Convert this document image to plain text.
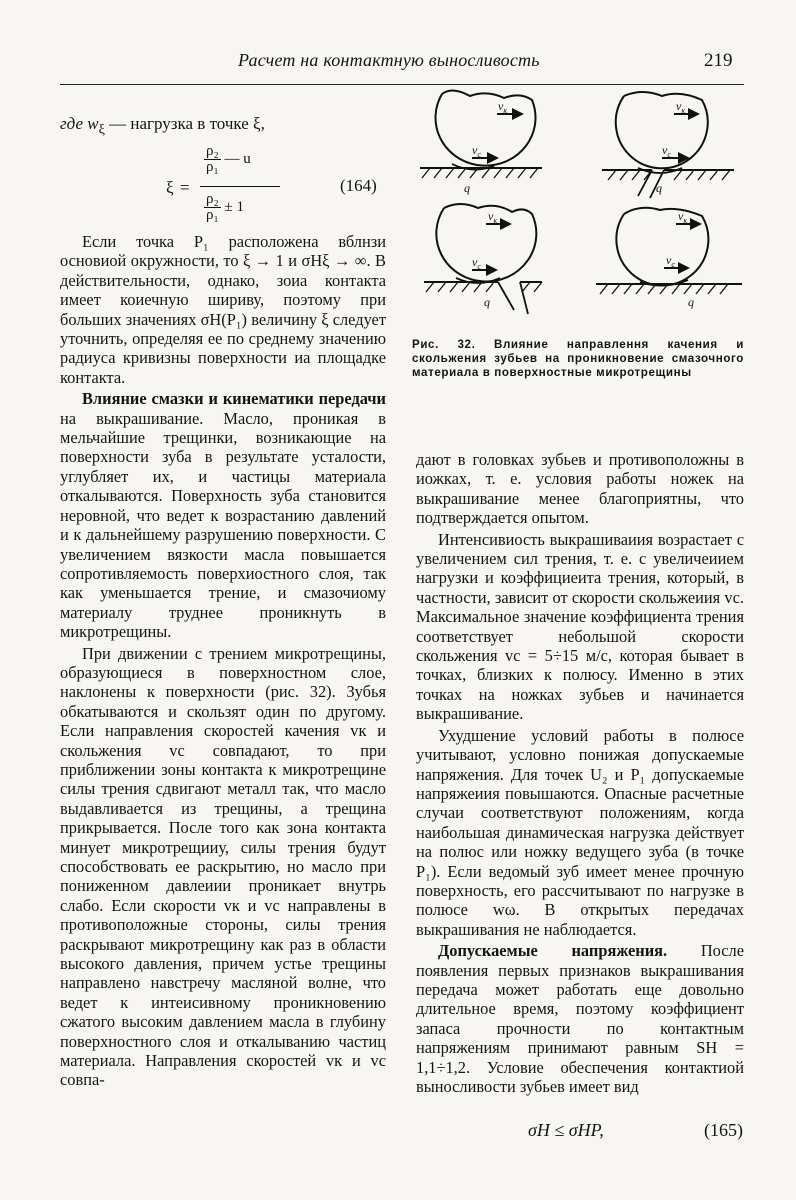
Расчет на контактную выносливость	219
где $w_\xi$ — нагрузка в точке ξ,
ξ =
$\frac{\text{ρ₂}}{\text{ρ₁}}$ — u
$\frac{\text{ρ₂}}{\text{ρ₁}} \pm 1$
(164)
$v_к$
$v_c$
q
$v_к$
$v_c$
q
$v_к$
$v_c$
q
$v_к$
$v_c$
q
Рис. 32. Влияние направлення качения и скольжения зубьев на проникновение смазочного материала в поверхностные микротрещины

Если точка P₁ расположена вблнзи основиой окружности, то ξ → 1 и σHξ → ∞. В действительности, однако, зоиа контакта имеет коиечную шириву, поэтому при больших значениях σH(P₁) величину ξ следует уточнить, определяя ее по среднему значению радиуса кривизны поверхности иа площадке контакта.

Влияние смазки и кинематики передачи на выкрашивание. Масло, проникая в мельчайшие трещинки, возникающие на поверхности зуба в результате усталости, углубляет их, и частицы материала откалываются. Поверхность зуба становится неровной, что ведет к возрастанию давлений и к дальнейшему разрушению поверхности. С увеличением вязкости масла повышается сопротивляемость поверхиостного слоя, так как уменьшается трение, и смазочиому материалу труднее проникнуть в микротрещины.

При движении с трением микротрещины, образующиеся в поверхностном слое, наклонены к поверхности (рис. 32). Зубья обкатываются и скользят один по другому. Если направления скоростей качения vк и скольжения vс совпадают, то при приближении зоны контакта к микротрещине силы трения сдвигают металл так, что масло выдавливается из трещины, а трещина прикрывается. После того как зона контакта минует микротрещииу, силы трения будут способствовать ее раскрытию, но масло при пониженном давлеиии проникает внутрь слабо. Если скорости vк и vс направлены в противоположные стороны, силы трения раскрывают микротрещину как раз в области высокого давления, причем устье трещины направлено навстречу масляной волне, что ведет к интеисивному проникновению сжатого высоким давлением масла в глубину поверхностного слоя и откалыванию частиц материала. Направления скоростей vк и vс совпа-

дают в головках зубьев и противоположны в иожках, т. е. условия работы ножек на выкрашивание менее благоприятны, что подтверждается опытом.

Интенсивиость выкрашиваиия возрастает с увеличением сил трения, т. е. с увеличеиием нагрузки и коэффициеита трения, который, в частности, зависит от скорости скольжеиия vс. Максимальное значение коэффициента трения соответствует небольшой скорости скольжения vс = 5÷15 м/с, которая бывает в точках, близких к полюсу. Именно в этих точках на ножках зубьев и начинается выкрашивание.

Ухудшение условий работы в полюсе учитывают, условно понижая допускаемые напряжения. Для точек U₂ и P₁ допускаемые напряжеиия повышаются. Опасные расчетные случаи соответствуют положениям, когда наибольшая динамическая нагрузка действует на полюс или ножку ведущего зуба (в точке P₁). Если ведомый зуб имеет менее прочную поверхность, его рассчитывают по нагрузке в полюсе wω. В открытых передачах выкрашивания не наблюдается.

Допускаемые напряжения. После появления первых признаков выкрашивания передача может работать еще довольно длительное время, поэтому коэффициент запаса прочности по контактным напряжениям принимают равным SH = 1,1÷1,2. Условие обеспечения контактиой выносливости зубьев имеет вид

σH ≤ σHP,	(165)
